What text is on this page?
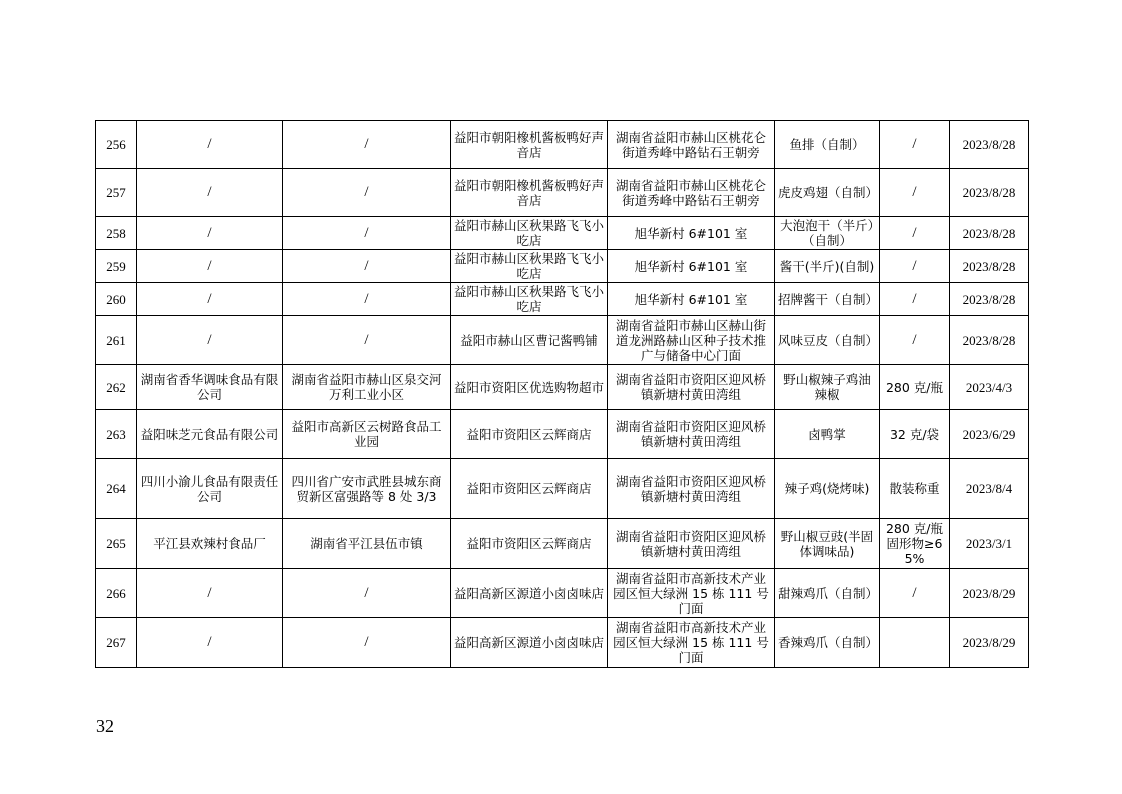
256	/	/	益阳市朝阳橡机酱板鸭好声音店	湖南省益阳市赫山区桃花仑街道秀峰中路钻石王朝旁	鱼排（自制）	/	2023/8/28
257	/	/	益阳市朝阳橡机酱板鸭好声音店	湖南省益阳市赫山区桃花仑街道秀峰中路钻石王朝旁	虎皮鸡翅（自制）	/	2023/8/28
258	/	/	益阳市赫山区秋果路飞飞小吃店	旭华新村 6#101 室	大泡泡干（半斤）（自制）	/	2023/8/28
259	/	/	益阳市赫山区秋果路飞飞小吃店	旭华新村 6#101 室	酱干(半斤)(自制)	/	2023/8/28
260	/	/	益阳市赫山区秋果路飞飞小吃店	旭华新村 6#101 室	招牌酱干（自制）	/	2023/8/28
261	/	/	益阳市赫山区曹记酱鸭铺	湖南省益阳市赫山区赫山街道龙洲路赫山区种子技术推广与储备中心门面	风味豆皮（自制）	/	2023/8/28
262	湖南省香华调味食品有限公司	湖南省益阳市赫山区泉交河万利工业小区	益阳市资阳区优选购物超市	湖南省益阳市资阳区迎风桥镇新塘村黄田湾组	野山椒辣子鸡油辣椒	280 克/瓶	2023/4/3
263	益阳味芝元食品有限公司	益阳市高新区云树路食品工业园	益阳市资阳区云辉商店	湖南省益阳市资阳区迎风桥镇新塘村黄田湾组	卤鸭掌	32 克/袋	2023/6/29
264	四川小渝儿食品有限责任公司	四川省广安市武胜县城东商贸新区富强路等 8 处 3/3	益阳市资阳区云辉商店	湖南省益阳市资阳区迎风桥镇新塘村黄田湾组	辣子鸡(烧烤味)	散装称重	2023/8/4
265	平江县欢辣村食品厂	湖南省平江县伍市镇	益阳市资阳区云辉商店	湖南省益阳市资阳区迎风桥镇新塘村黄田湾组	野山椒豆豉(半固体调味品)	280 克/瓶 固形物≥65%	2023/3/1
266	/	/	益阳高新区源道小卤卤味店	湖南省益阳市高新技术产业园区恒大绿洲 15 栋 111 号门面	甜辣鸡爪（自制）	/	2023/8/29
267	/	/	益阳高新区源道小卤卤味店	湖南省益阳市高新技术产业园区恒大绿洲 15 栋 111 号门面	香辣鸡爪（自制）		2023/8/29
32
